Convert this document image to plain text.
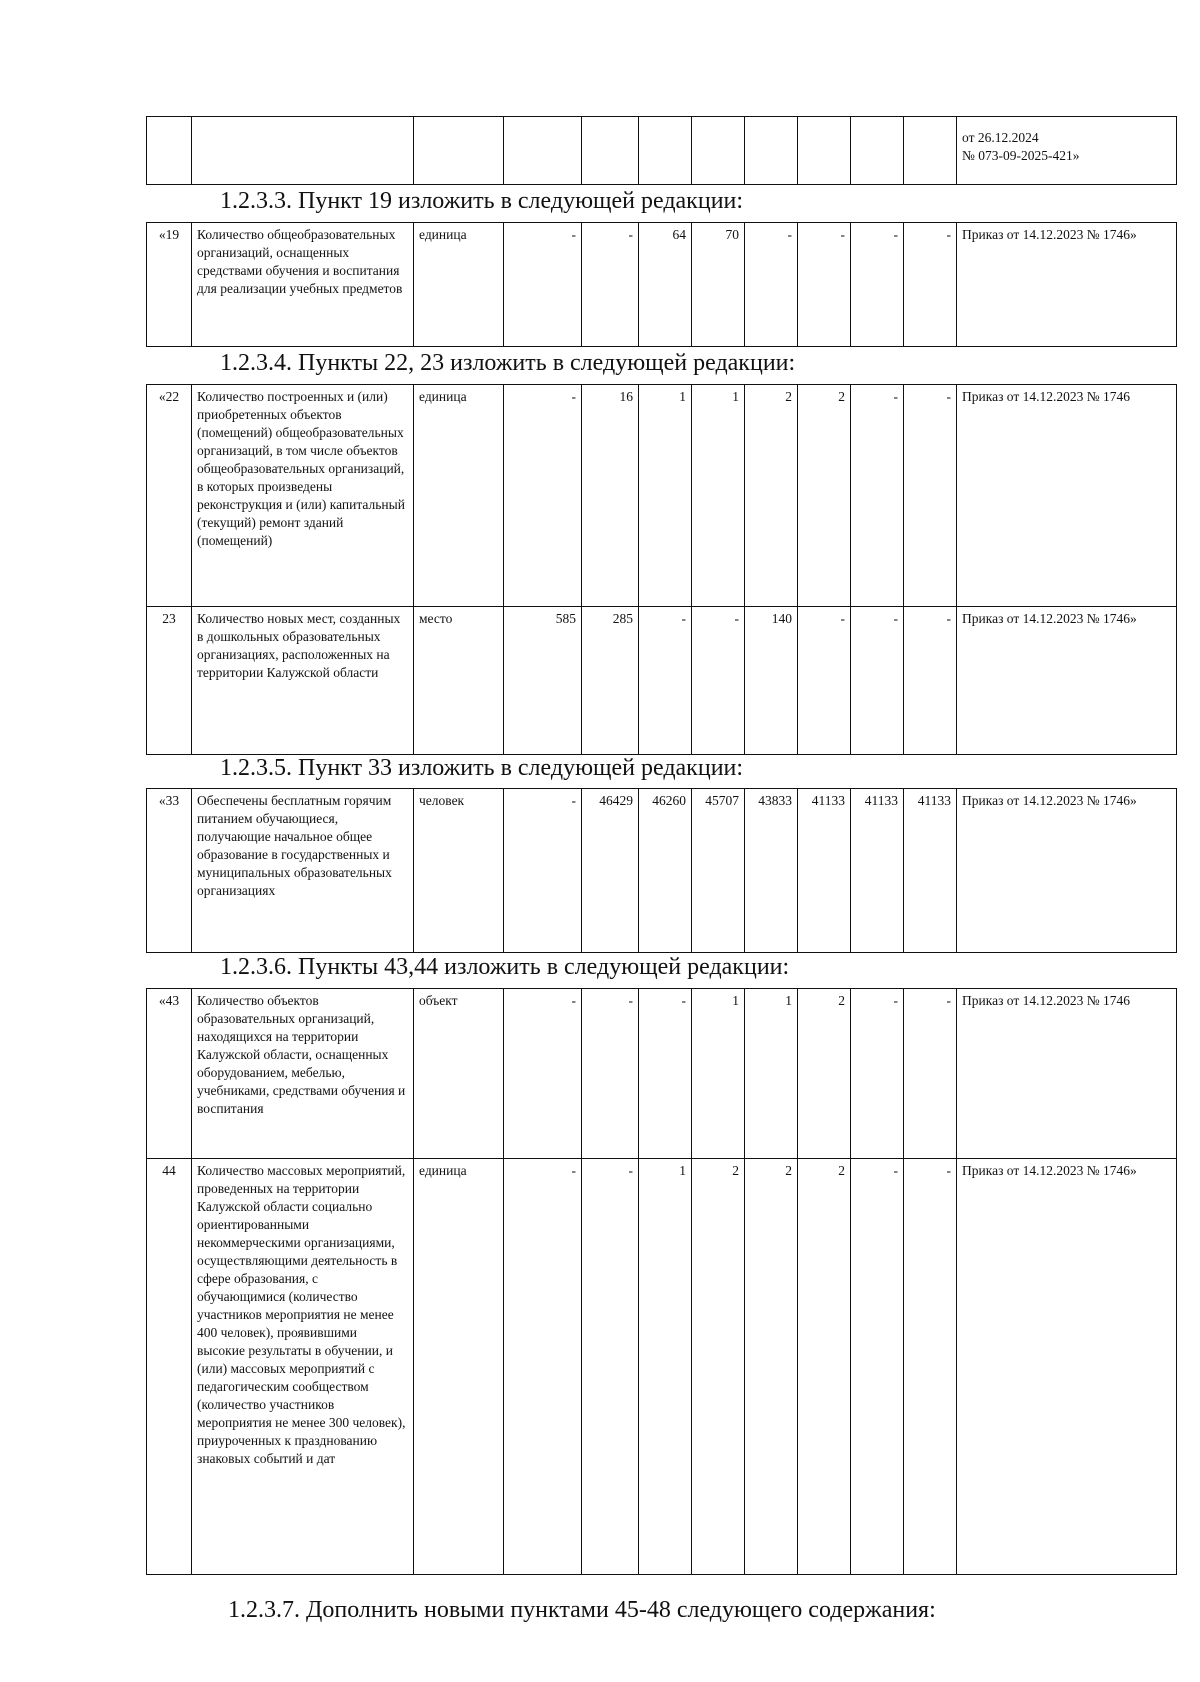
от 26.12.2024
№ 073-09-2025-421»
1.2.3.3. Пункт 19 изложить в следующей редакции:
1.2.3.4. Пункты 22, 23 изложить в следующей редакции:
1.2.3.5. Пункт 33 изложить в следующей редакции:
1.2.3.6. Пункты 43,44 изложить в следующей редакции:
1.2.3.7. Дополнить новыми пунктами 45-48 следующего содержания:
«19	Количество общеобразовательных организаций, оснащенных средствами обучения и воспитания для реализации учебных предметов	единица	-	-	64	70	-	-	-	-	Приказ от 14.12.2023 № 1746»
«22	Количество построенных и (или) приобретенных объектов (помещений) общеобразовательных организаций, в том числе объектов общеобразовательных организаций, в которых произведены реконструкция и (или) капитальный (текущий) ремонт зданий (помещений)	единица	-	16	1	1	2	2	-	-	Приказ от 14.12.2023 № 1746
23	Количество новых мест, созданных в дошкольных образовательных организациях, расположенных на территории Калужской области	место	585	285	-	-	140	-	-	-	Приказ от 14.12.2023 № 1746»
«33	Обеспечены бесплатным горячим питанием обучающиеся, получающие начальное общее образование в государственных и муниципальных образовательных организациях	человек	-	46429	46260	45707	43833	41133	41133	41133	Приказ от 14.12.2023 № 1746»
«43	Количество объектов образовательных организаций, находящихся на территории Калужской области, оснащенных оборудованием, мебелью, учебниками, средствами обучения и воспитания	объект	-	-	-	1	1	2	-	-	Приказ от 14.12.2023 № 1746
44	Количество массовых мероприятий, проведенных на территории Калужской области социально ориентированными некоммерческими организациями, осуществляющими деятельность в сфере образования, с обучающимися (количество участников мероприятия не менее 400 человек), проявившими высокие результаты в обучении, и (или) массовых мероприятий с педагогическим сообществом (количество участников мероприятия не менее 300 человек), приуроченных к празднованию знаковых событий и дат	единица	-	-	1	2	2	2	-	-	Приказ от 14.12.2023 № 1746»
